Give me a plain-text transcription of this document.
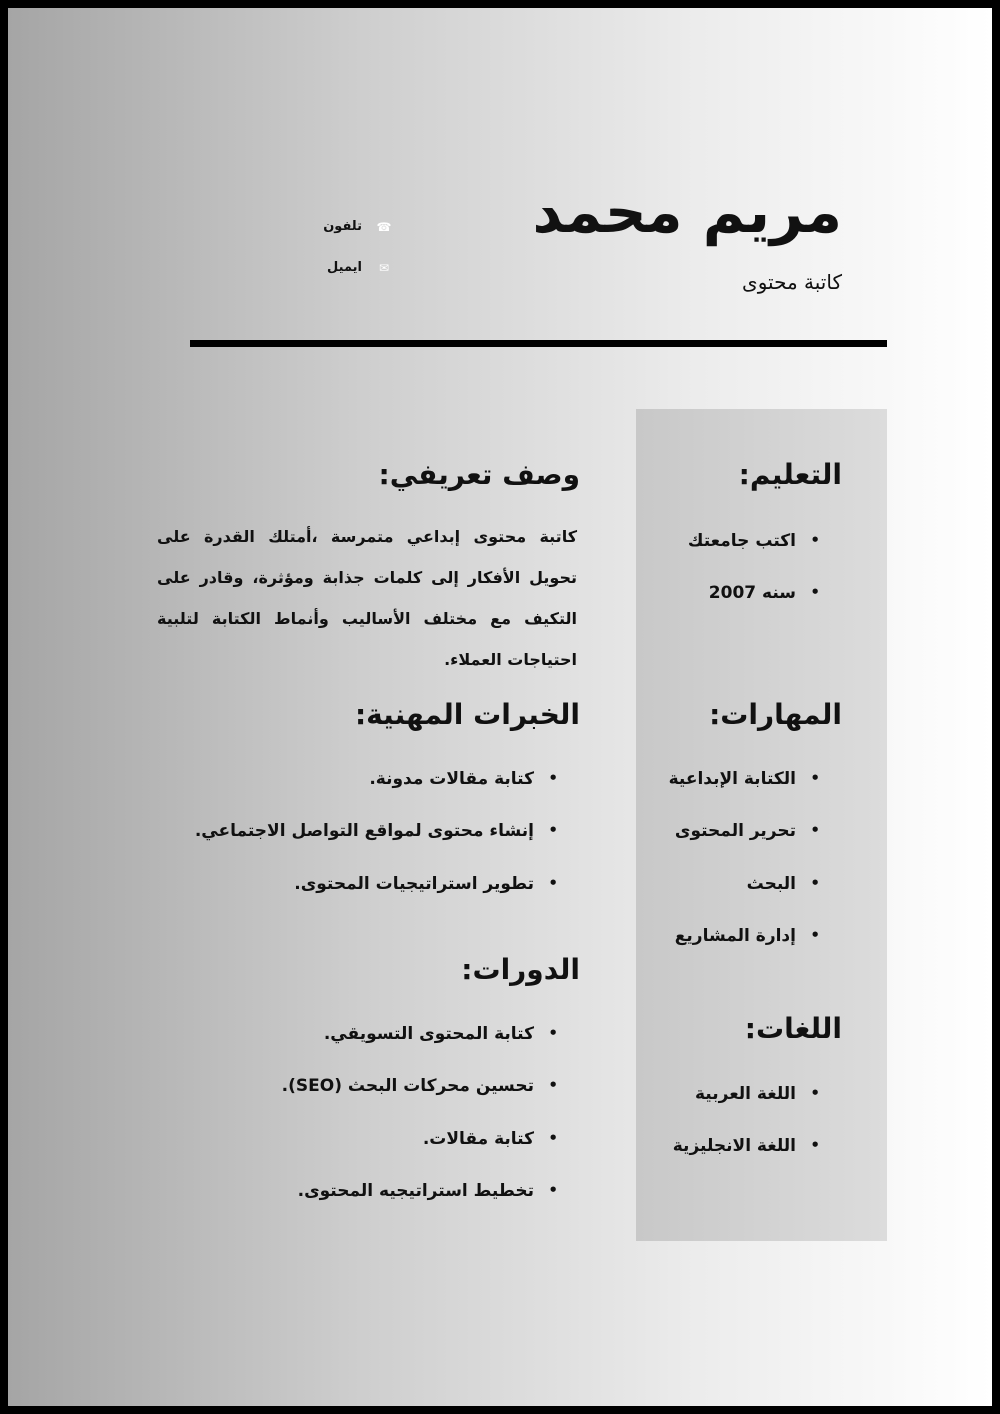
مريم محمد
كاتبة محتوى
☎تلفون
✉ايميل
التعليم:
• اكتب جامعتك
• سنه 2007
المهارات:
• الكتابة الإبداعية
• تحرير المحتوى
• البحث
• إدارة المشاريع
اللغات:
• اللغة العربية
• اللغة الانجليزية
وصف تعريفي:
كاتبة محتوى إبداعي متمرسة ،أمتلك القدرة على تحويل الأفكار إلى كلمات جذابة ومؤثرة، وقادر على التكيف مع مختلف الأساليب وأنماط الكتابة لتلبية احتياجات العملاء.
الخبرات المهنية:
• كتابة مقالات مدونة.
• إنشاء محتوى لمواقع التواصل الاجتماعي.
• تطوير استراتيجيات المحتوى.
الدورات:
• كتابة المحتوى التسويقي.
• تحسين محركات البحث (SEO).
• كتابة مقالات.
• تخطيط استراتيجيه المحتوى.
